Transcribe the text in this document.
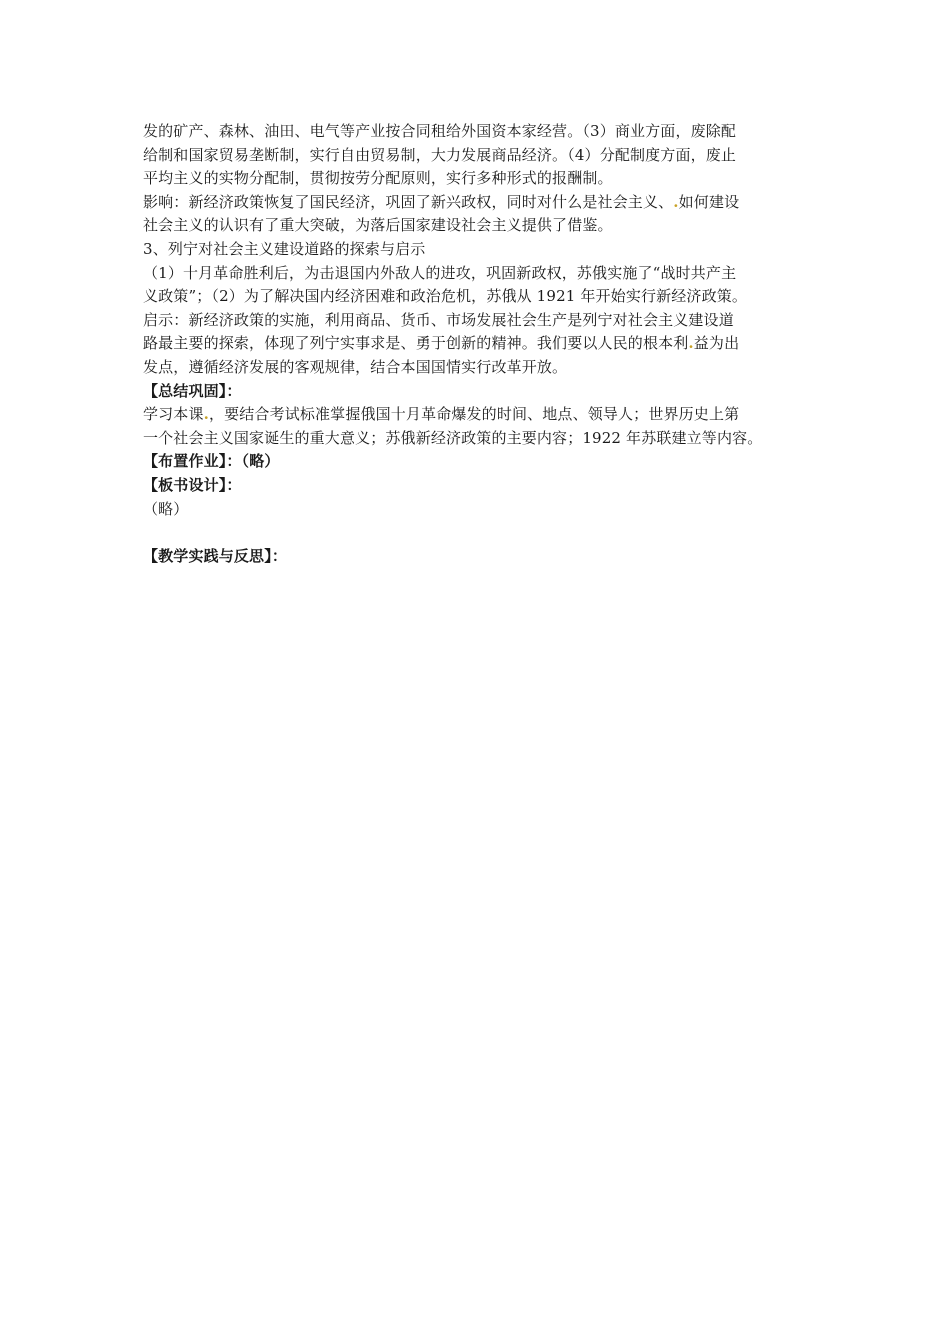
发的矿产、森林、油田、电气等产业按合同租给外国资本家经营。（3）商业方面，废除配
给制和国家贸易垄断制，实行自由贸易制，大力发展商品经济。（4）分配制度方面，废止
平均主义的实物分配制，贯彻按劳分配原则，实行多种形式的报酬制。
影响：新经济政策恢复了国民经济，巩固了新兴政权，同时对什么是社会主义、.如何建设
社会主义的认识有了重大突破，为落后国家建设社会主义提供了借鉴。
3、列宁对社会主义建设道路的探索与启示
（1）十月革命胜利后，为击退国内外敌人的进攻，巩固新政权，苏俄实施了“战时共产主
义政策”；（2）为了解决国内经济困难和政治危机，苏俄从 1921 年开始实行新经济政策。
启示：新经济政策的实施，利用商品、货币、市场发展社会生产是列宁对社会主义建设道
路最主要的探索，体现了列宁实事求是、勇于创新的精神。我们要以人民的根本利.益为出
发点，遵循经济发展的客观规律，结合本国国情实行改革开放。
【总结巩固】：
学习本课.，要结合考试标准掌握俄国十月革命爆发的时间、地点、领导人；世界历史上第
一个社会主义国家诞生的重大意义；苏俄新经济政策的主要内容；1922 年苏联建立等内容。
【布置作业】：（略）
【板书设计】：
（略）
【教学实践与反思】：
